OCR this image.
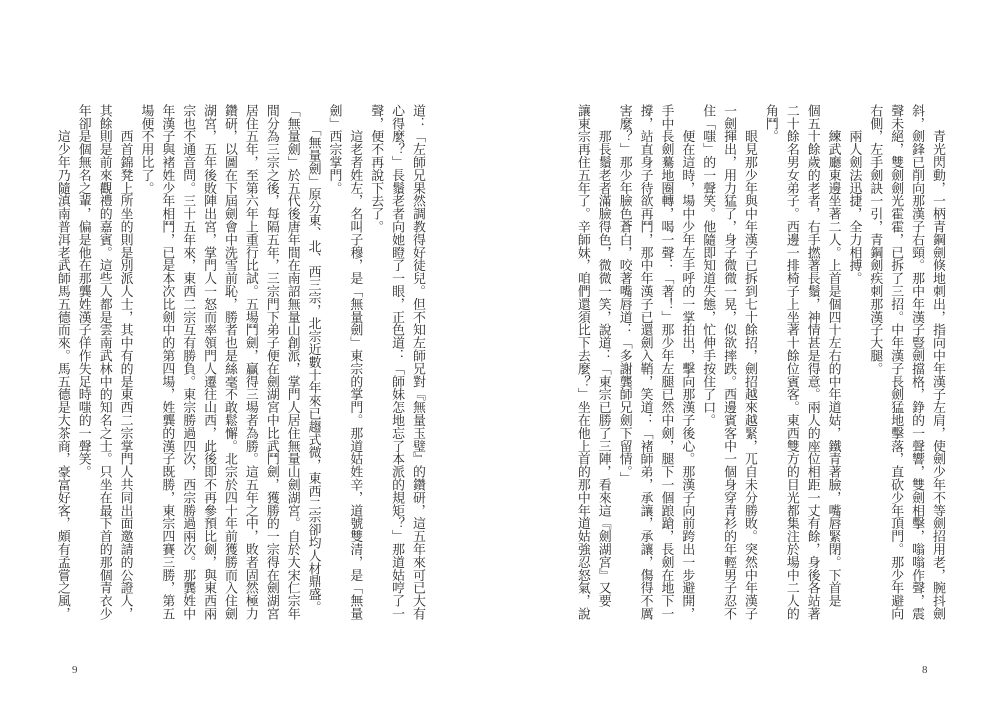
　　青光閃動，一柄青鋼劍倏地刺出，指向中年漢子左肩，使劍少年不等劍招用老，腕抖劍
斜，劍鋒已削向那漢子右頸。那中年漢子豎劍擋格，錚的一聲響，雙劍相擊，嗡嗡作聲，震
聲未絕，雙劍劍光霍霍，已拆了三招。中年漢子長劍猛地擊落，直砍少年頂門。那少年避向
右側，左手劍訣一引，青鋼劍疾刺那漢子大腿。
　　兩人劍法迅捷，全力相搏。
　　練武廳東邊坐著二人。上首是個四十左右的中年道姑，鐵青著臉，嘴唇緊閉。下首是
個五十餘歲的老者，右手撚著長鬚，神情甚是得意。兩人的座位相距一丈有餘，身後各站著
二十餘名男女弟子。西邊一排椅子上坐著十餘位賓客。東西雙方的目光都集注於場中二人的
角鬥。
　　眼見那少年與中年漢子已拆到七十餘招，劍招越來越緊，兀自未分勝敗。突然中年漢子
一劍揮出，用力猛了，身子微微一晃，似欲摔跌。西邊賓客中一個身穿青衫的年輕男子忍不
住「嗤」的一聲笑。他隨即知道失態，忙伸手按住了口。
　　便在這時，場中少年左手呼的一掌拍出，擊向那漢子後心。那漢子向前跨出一步避開，
手中長劍驀地圈轉，喝一聲：「著！」那少年左腿已然中劍，腿下一個踉蹌，長劍在地下一
撐，站直身子待欲再鬥，那中年漢子已還劍入鞘，笑道：「褚師弟，承讓，承讓，傷得不厲
害麼？」那少年臉色蒼白，咬著嘴唇道：「多謝龔師兄劍下留情。」
　　那長鬚老者滿臉得色，微微一笑，說道：「東宗已勝了三陣，看來這『劍湖宮』又要
讓東宗再住五年了。辛師妹，咱們還須比下去麼？」坐在他上首的那中年道姑強忍怒氣，說
道：「左師兄果然調教得好徒兒。但不知左師兄對『無量玉璧』的鑽研，這五年來可已大有
心得麼？」長鬚老者向她瞪了一眼，正色道：「師妹怎地忘了本派的規矩？」那道姑哼了一
聲，便不再說下去了。
　　這老者姓左，名叫子穆，是「無量劍」東宗的掌門。那道姑姓辛，道號雙清，是「無量
劍」西宗掌門。
　　「無量劍」原分東、北、西三宗，北宗近數十年來已趨式微，東西二宗卻均人材鼎盛。
「無量劍」於五代後唐年間在南詔無量山創派，掌門人居住無量山劍湖宮。自於大宋仁宗年
間分為三宗之後，每隔五年，三宗門下弟子便在劍湖宮中比武鬥劍，獲勝的一宗得在劍湖宮
居住五年，至第六年上重行比試。五場鬥劍，贏得三場者為勝。這五年之中，敗者固然極力
鑽研，以圖在下屆劍會中洗雪前恥，勝者也是絲毫不敢鬆懈。北宗於四十年前獲勝而入住劍
湖宮，五年後敗陣出宮，掌門人一怒而率領門人遷往山西，此後即不再參預比劍，與東西兩
宗也不通音問。三十五年來，東西二宗互有勝負。東宗勝過四次，西宗勝過兩次。那龔姓中
年漢子與褚姓少年相鬥，已是本次比劍中的第四場，姓龔的漢子既勝，東宗四賽三勝，第五
場便不用比了。
　　西首錦凳上所坐的則是別派人士，其中有的是東西二宗掌門人共同出面邀請的公證人，
其餘則是前來觀禮的嘉賓。這些人都是雲南武林中的知名之士。只坐在最下首的那個青衣少
年卻是個無名之輩，偏是他在那龔姓漢子佯作失足時嗤的一聲笑。
　　這少年乃隨滇南普洱老武師馬五德而來。馬五德是大茶商，豪富好客，頗有孟嘗之風，
9	8
